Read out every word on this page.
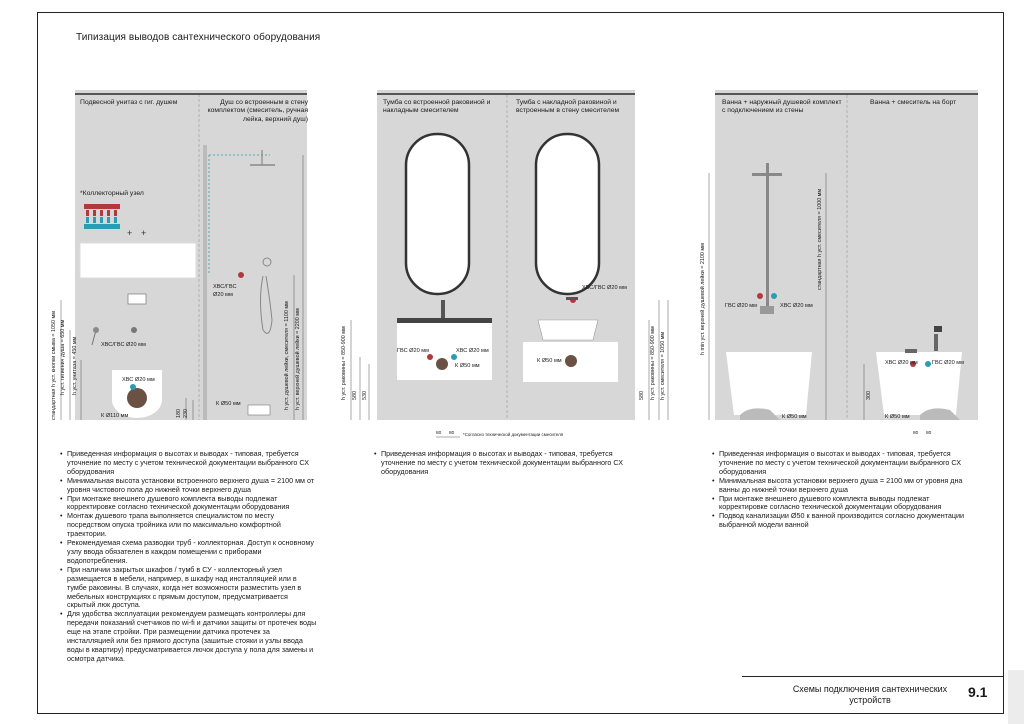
Типизация выводов сантехнического оборудования
+ +
Подвесной унитаз с гиг. душем	Душ со встроенным в стену комплектом (смеситель, ручная лейка, верхний душ)
*Коллекторный узел
ХВС/ГВС Ø20 мм
ХВС Ø20 мм
К Ø110 мм
ХВС/ГВС
Ø20 мм
К Ø50 мм
стандартная h уст. кнопки смыва = 1050 мм h уст. гигиенич душа = 650 мм h уст. унитаза = 450 мм
180 230
h уст. душевой лейки, смесителя = 1100 мм h уст. верхней душевой лейки = 2200 мм
Тумба со встроенной раковиной и накладным смесителем
Тумба с накладной раковиной и встроенным в стену смесителем
ГВС Ø20 мм	ХВС Ø20 мм
К Ø50 мм
ХВС/ГВС Ø20 мм
К Ø50 мм
h уст. раковины = 850-900 мм 580 530	580 h уст. раковины = 850-900 мм h уст. смесителя = 1050 мм
80 80 *Согласно технической документации смесителя
Ванна + наружный душевой комплект с подключением из стены
Ванна + смеситель на борт
ГВС Ø20 мм	ХВС Ø20 мм
ХВС Ø20 мм	ГВС Ø20 мм
К Ø50 мм	К Ø50 мм
h min уст. верхней душевой лейки = 2100 мм
стандартная h уст. смесителя = 1000 мм
300
80 80
• Приведенная информация о высотах и выводах - типовая, требуется уточнение по месту с учетом технической документации выбранного СХ оборудования
• Минимальная высота установки встроенного верхнего душа = 2100 мм от уровня чистового пола до нижней точки верхнего душа
• При монтаже внешнего душевого комплекта выводы подлежат корректировке согласно технической документации оборудования
• Монтаж душевого трапа выполняется специалистом по месту посредством опуска тройника или по максимально комфортной траектории.
• Рекомендуемая схема разводки труб - коллекторная. Доступ к основному узлу ввода обязателен в каждом помещении с приборами водопотребления.
• При наличии закрытых шкафов / тумб в СУ - коллекторный узел размещается в мебели, например, в шкафу над инсталляцией или в тумбе раковины. В случаях, когда нет возможности разместить узел в мебельных конструкциях с прямым доступом, предусматривается скрытый люк доступа.
• Для удобства эксплуатации рекомендуем размещать контроллеры для передачи показаний счетчиков по wi-fi и датчики защиты от протечек воды еще на этапе стройки. При размещении датчика протечек за инсталляцией или без прямого доступа (зашитые стояки и узлы ввода воды в квартиру) предусматривается лючок доступа у пола для замены и осмотра датчика.
• Приведенная информация о высотах и выводах - типовая, требуется уточнение по месту с учетом технической документации выбранного СХ оборудования
• Приведенная информация о высотах и выводах - типовая, требуется уточнение по месту с учетом технической документации выбранного СХ оборудования
• Минимальная высота установки верхнего душа = 2100 мм от уровня дна ванны до нижней точки верхнего душа
• При монтаже внешнего душевого комплекта выводы подлежат корректировке согласно технической документации оборудования
• Подвод канализации Ø50 к ванной производится согласно документации выбранной модели ванной
Схемы подключения сантехнических устройств	9.1
